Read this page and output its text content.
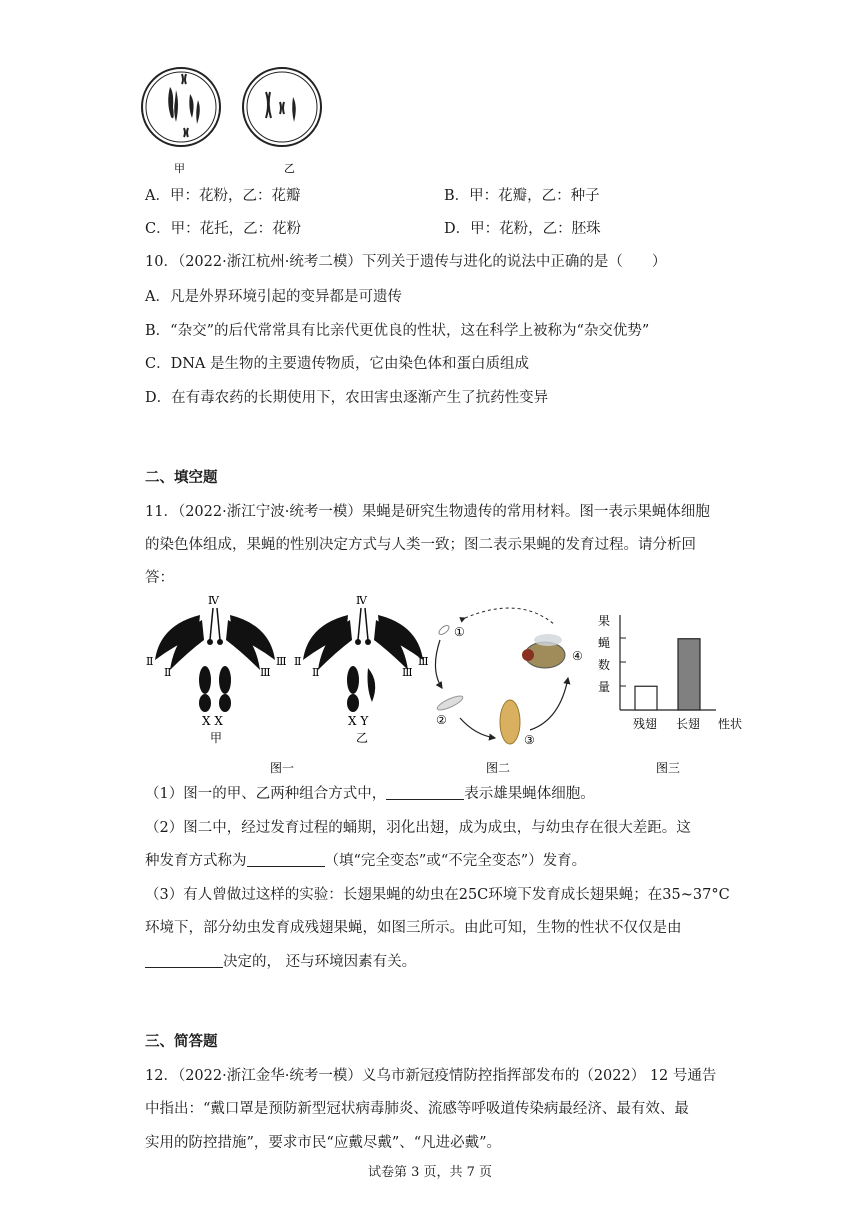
甲	乙
A．甲：花粉，乙：花瓣	B．甲：花瓣，乙：种子
C．甲：花托，乙：花粉	D．甲：花粉，乙：胚珠
10．（2022·浙江杭州·统考二模）下列关于遗传与进化的说法中正确的是（　　）
A．凡是外界环境引起的变异都是可遗传
B．“杂交”的后代常常具有比亲代更优良的性状，这在科学上被称为“杂交优势”
C．DNA 是生物的主要遗传物质，它由染色体和蛋白质组成
D．在有毒农药的长期使用下，农田害虫逐渐产生了抗药性变异
二、填空题
11．（2022·浙江宁波·统考一模）果蝇是研究生物遗传的常用材料。图一表示果蝇体细胞
的染色体组成，果蝇的性别决定方式与人类一致；图二表示果蝇的发育过程。请分析回
答：
Ⅳ
Ⅱ
Ⅱ
Ⅲ
Ⅲ
X X
甲
Ⅳ
Ⅱ
Ⅱ
Ⅲ
Ⅲ
X Y
乙
图一
①
②
③
④
图二
果
蝇
数
量
残翅 长翅 性状
图三
（1）图一的甲、乙两种组合方式中，	表示雄果蝇体细胞。
（2）图二中，经过发育过程的蛹期，羽化出翅，成为成虫，与幼虫存在很大差距。这
种发育方式称为	（填“完全变态”或“不完全变态”）发育。
（3）有人曾做过这样的实验：长翅果蝇的幼虫在25C环境下发育成长翅果蝇；在35~37°C
环境下，部分幼虫发育成残翅果蝇，如图三所示。由此可知，生物的性状不仅仅是由
决定的， 还与环境因素有关。
三、简答题
12．（2022·浙江金华·统考一模）义乌市新冠疫情防控指挥部发布的（2022） 12 号通告
中指出：“戴口罩是预防新型冠状病毒肺炎、流感等呼吸道传染病最经济、最有效、最
实用的防控措施”，要求市民“应戴尽戴”、“凡进必戴”。
试卷第 3 页，共 7 页
